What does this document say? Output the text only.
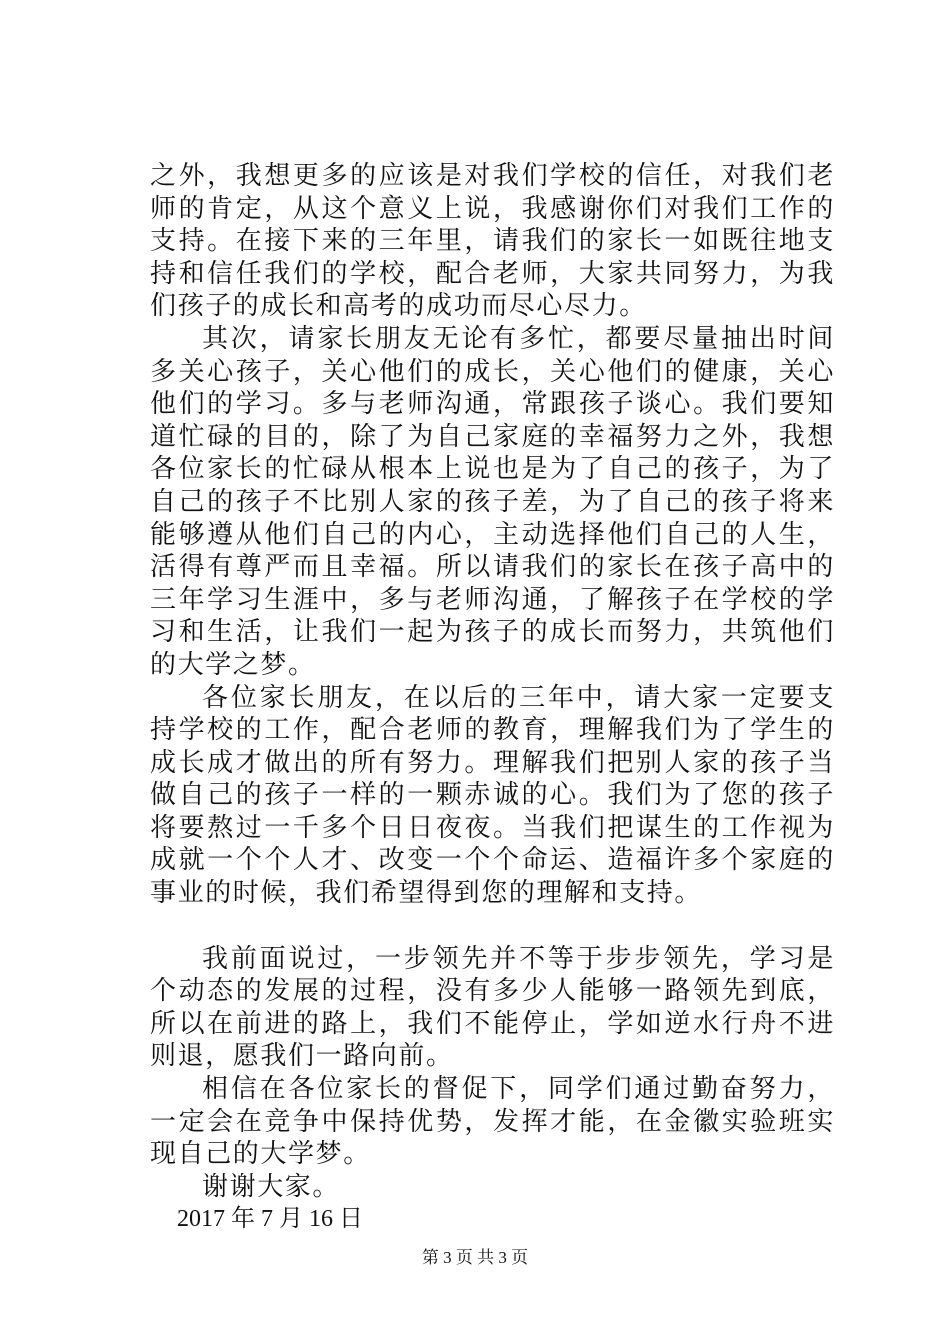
之外，我想更多的应该是对我们学校的信任，对我们老师的肯定，从这个意义上说，我感谢你们对我们工作的支持。在接下来的三年里，请我们的家长一如既往地支持和信任我们的学校，配合老师，大家共同努力，为我们孩子的成长和高考的成功而尽心尽力。

其次，请家长朋友无论有多忙，都要尽量抽出时间多关心孩子，关心他们的成长，关心他们的健康，关心他们的学习。多与老师沟通，常跟孩子谈心。我们要知道忙碌的目的，除了为自己家庭的幸福努力之外，我想各位家长的忙碌从根本上说也是为了自己的孩子，为了自己的孩子不比别人家的孩子差，为了自己的孩子将来能够遵从他们自己的内心，主动选择他们自己的人生，活得有尊严而且幸福。所以请我们的家长在孩子高中的三年学习生涯中，多与老师沟通，了解孩子在学校的学习和生活，让我们一起为孩子的成长而努力，共筑他们的大学之梦。

各位家长朋友，在以后的三年中，请大家一定要支持学校的工作，配合老师的教育，理解我们为了学生的成长成才做出的所有努力。理解我们把别人家的孩子当做自己的孩子一样的一颗赤诚的心。我们为了您的孩子将要熬过一千多个日日夜夜。当我们把谋生的工作视为成就一个个人才、改变一个个命运、造福许多个家庭的事业的时候，我们希望得到您的理解和支持。

我前面说过，一步领先并不等于步步领先，学习是个动态的发展的过程，没有多少人能够一路领先到底，所以在前进的路上，我们不能停止，学如逆水行舟不进则退，愿我们一路向前。

相信在各位家长的督促下，同学们通过勤奋努力，一定会在竞争中保持优势，发挥才能，在金徽实验班实现自己的大学梦。

谢谢大家。

2017 年 7 月 16 日

第 3 页 共 3 页
